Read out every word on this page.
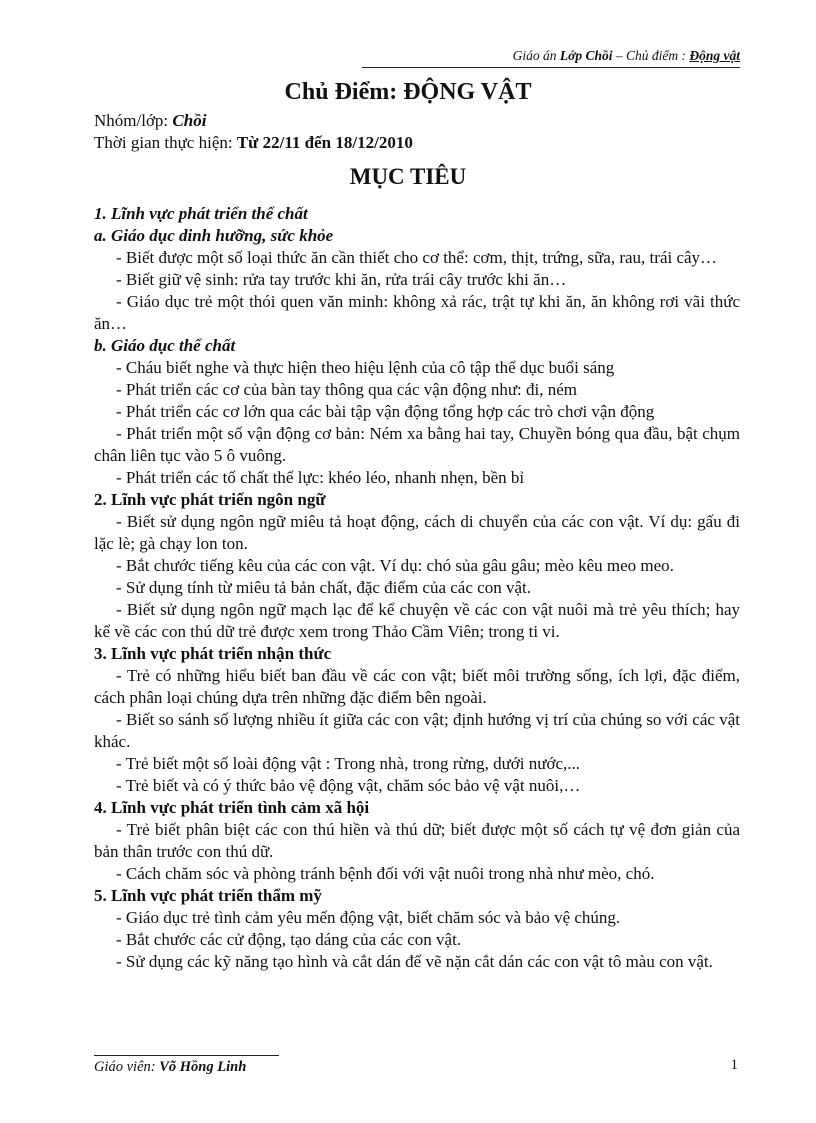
Giáo án Lớp Chồi – Chủ điểm : Động vật
Chủ Điểm: ĐỘNG VẬT
Nhóm/lớp: Chồi
Thời gian thực hiện: Từ 22/11 đến 18/12/2010
MỤC TIÊU

1. Lĩnh vực phát triển thể chất

a. Giáo dục dinh hưỡng, sức khỏe

- Biết được một số loại thức ăn cần thiết cho cơ thể: cơm, thịt, trứng, sữa, rau, trái cây…

- Biết giữ vệ sinh: rửa tay trước khi ăn, rửa trái cây trước khi ăn…

- Giáo dục trẻ một thói quen văn minh: không xả rác, trật tự khi ăn, ăn không rơi vãi thức ăn…

b. Giáo dục thể chất

- Cháu biết nghe và thực hiện theo hiệu lệnh của cô tập thể dục buổi sáng

- Phát triển các cơ của bàn tay thông qua các vận động như: đi, ném

- Phát triển các cơ lớn qua các bài tập vận động tổng hợp các trò chơi vận động

- Phát triển một số vận động cơ bản: Ném xa bằng hai tay, Chuyền bóng qua đầu, bật chụm chân liên tục vào 5 ô vuông.

- Phát triển các tố chất thể lực: khéo léo, nhanh nhẹn, bền bỉ

2. Lĩnh vực phát triển ngôn ngữ

- Biết sử dụng ngôn ngữ miêu tả hoạt động, cách di chuyển của các con vật. Ví dụ: gấu đi lặc lè; gà chạy lon ton.

- Bắt chước tiếng kêu của các con vật. Ví dụ: chó sủa gâu gâu; mèo kêu meo meo.

- Sử dụng tính từ miêu tả bản chất, đặc điểm của các con vật.

- Biết sử dụng ngôn ngữ mạch lạc để kể chuyện về các con vật nuôi mà trẻ yêu thích; hay kể về các con thú dữ trẻ được xem trong Thảo Cầm Viên; trong ti vi.

3. Lĩnh vực phát triển nhận thức

- Trẻ có những hiểu biết ban đầu về các con vật; biết môi trường sống, ích lợi, đặc điểm, cách phân loại chúng dựa trên những đặc điểm bên ngoài.

- Biết so sánh số lượng nhiều ít giữa các con vật; định hướng vị trí của chúng so với các vật khác.

- Trẻ biết một số loài động vật : Trong nhà, trong rừng, dưới nước,...

- Trẻ biết và có ý thức bảo vệ động vật, chăm sóc bảo vệ vật nuôi,…

4. Lĩnh vực phát triển tình cảm xã hội

- Trẻ biết phân biệt các con thú hiền và thú dữ; biết được một số cách tự vệ đơn giản của bản thân trước con thú dữ.

- Cách chăm sóc và phòng tránh bệnh đối với vật nuôi trong nhà như mèo, chó.

5. Lĩnh vực phát triển thẩm mỹ

- Giáo dục trẻ tình cảm yêu mến động vật, biết chăm sóc và bảo vệ chúng.

- Bắt chước các cử động, tạo dáng của các con vật.

- Sử dụng các kỹ năng tạo hình và cắt dán để vẽ nặn cắt dán các con vật tô màu con vật.

Giáo viên: Võ Hồng Linh	1
